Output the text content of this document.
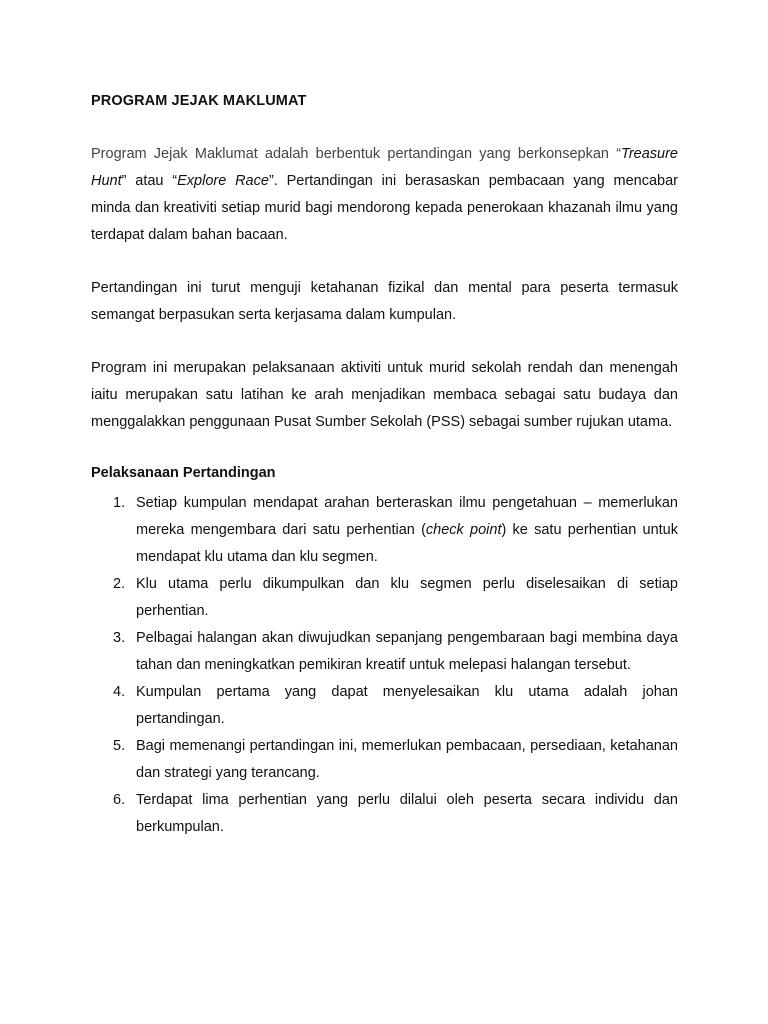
PROGRAM JEJAK MAKLUMAT

Program Jejak Maklumat adalah berbentuk pertandingan yang berkonsepkan “Treasure Hunt” atau “Explore Race”. Pertandingan ini berasaskan pembacaan yang mencabar minda dan kreativiti setiap murid bagi mendorong kepada penerokaan khazanah ilmu yang terdapat dalam bahan bacaan.

Pertandingan ini turut menguji ketahanan fizikal dan mental para peserta termasuk semangat berpasukan serta kerjasama dalam kumpulan.

Program ini merupakan pelaksanaan aktiviti untuk murid sekolah rendah dan menengah iaitu merupakan satu latihan ke arah menjadikan membaca sebagai satu budaya dan menggalakkan penggunaan Pusat Sumber Sekolah (PSS) sebagai sumber rujukan utama.

Pelaksanaan Pertandingan
1. Setiap kumpulan mendapat arahan berteraskan ilmu pengetahuan – memerlukan mereka mengembara dari satu perhentian (check point) ke satu perhentian untuk mendapat klu utama dan klu segmen.
2. Klu utama perlu dikumpulkan dan klu segmen perlu diselesaikan di setiap perhentian.
3. Pelbagai halangan akan diwujudkan sepanjang pengembaraan bagi membina daya tahan dan meningkatkan pemikiran kreatif untuk melepasi halangan tersebut.
4. Kumpulan pertama yang dapat menyelesaikan klu utama adalah johan pertandingan.
5. Bagi memenangi pertandingan ini, memerlukan pembacaan, persediaan, ketahanan dan strategi yang terancang.
6. Terdapat lima perhentian yang perlu dilalui oleh peserta secara individu dan berkumpulan.
